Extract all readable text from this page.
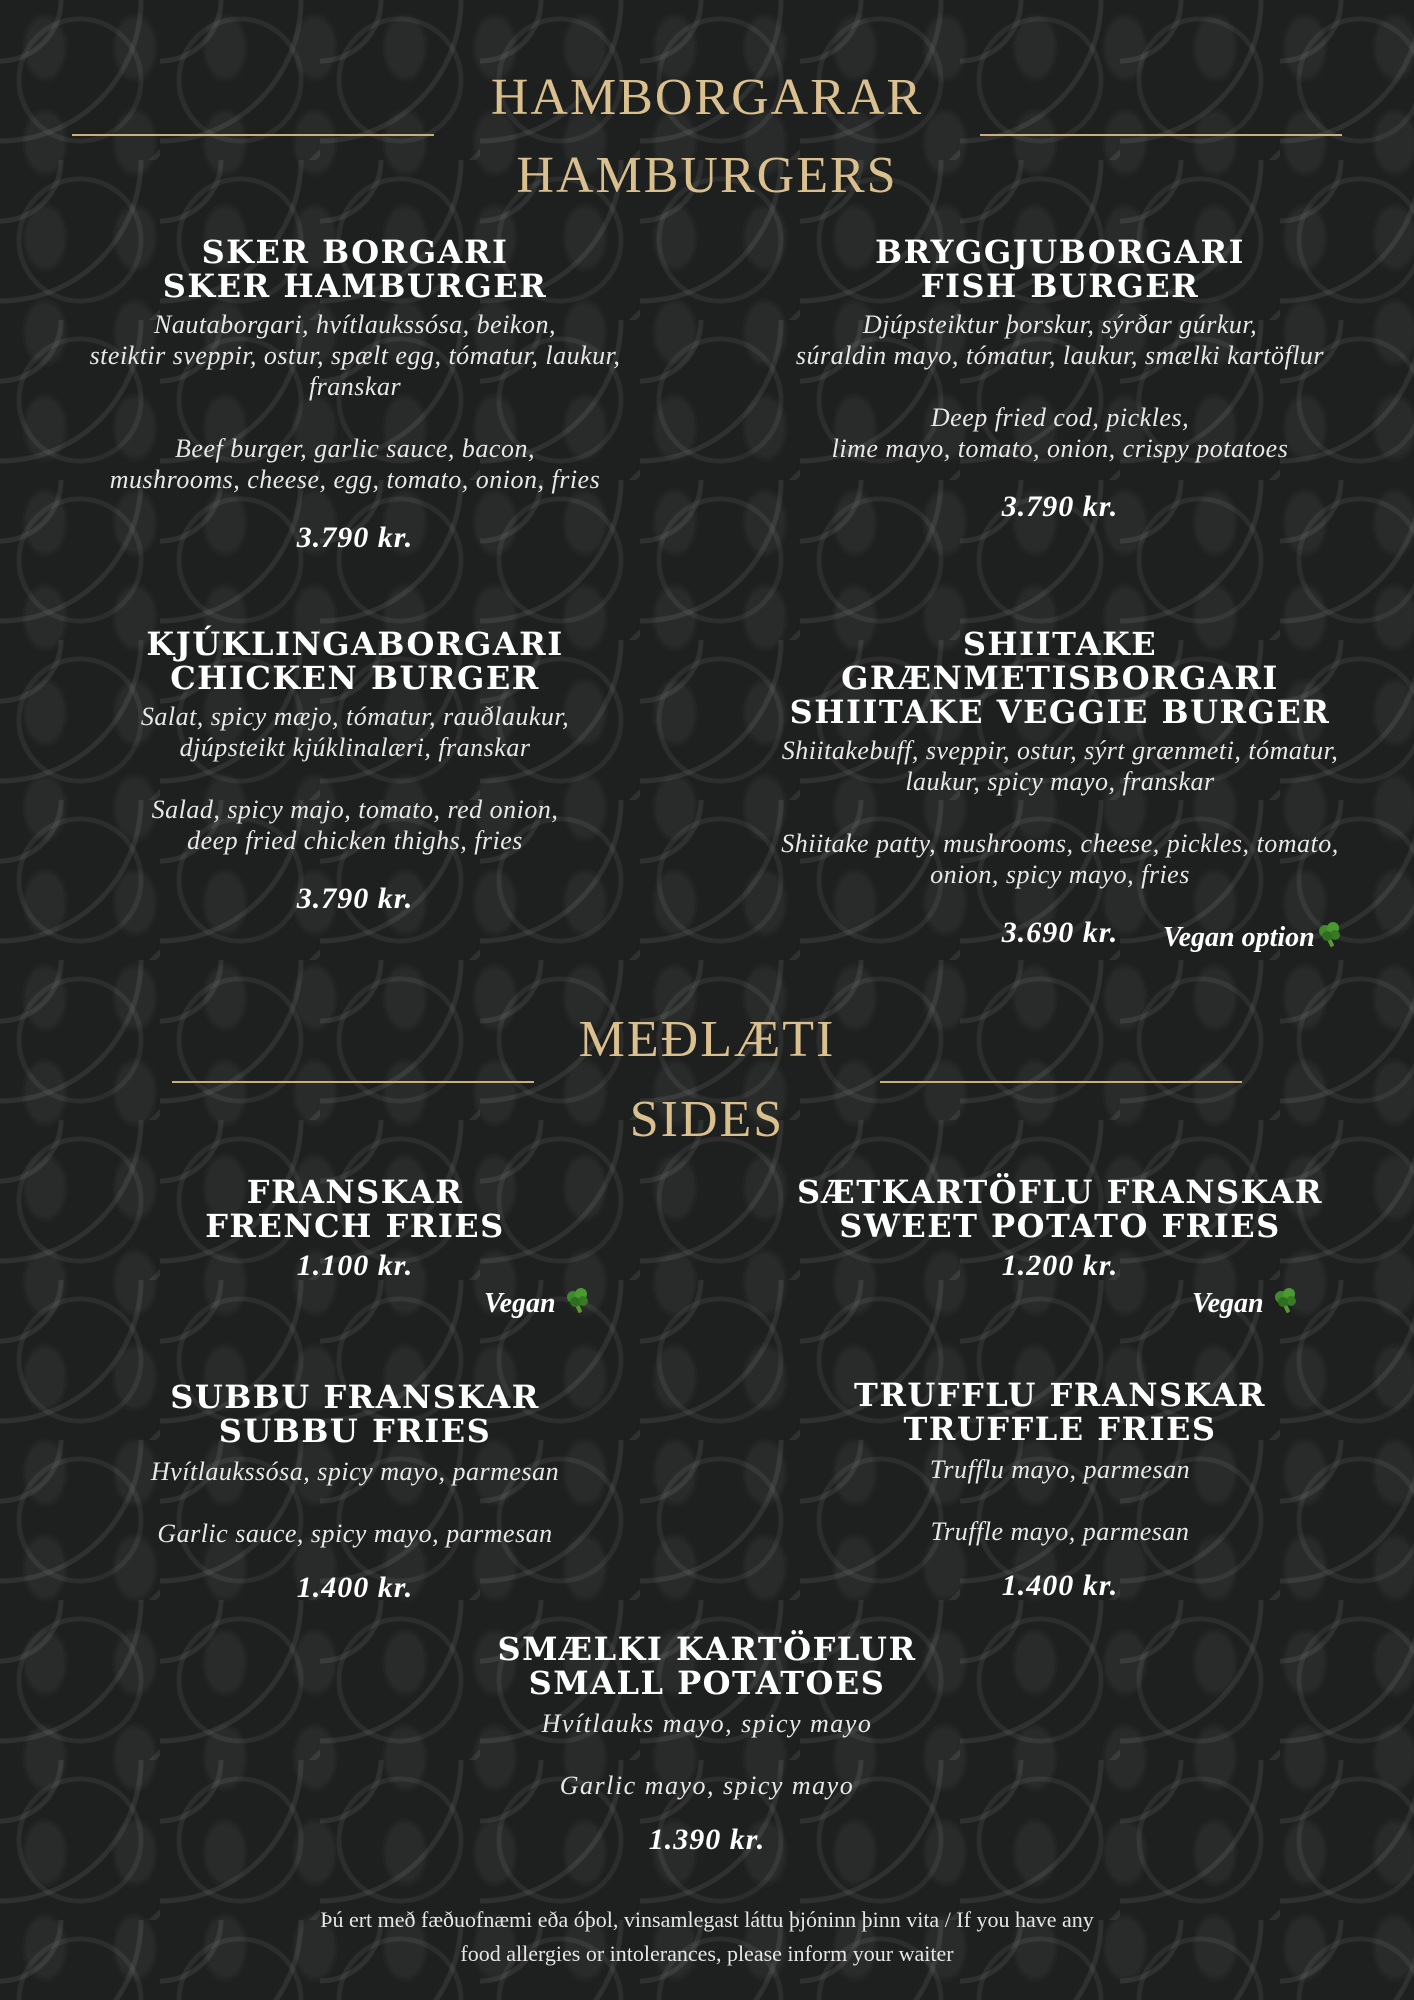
HAMBORGARAR
HAMBURGERS
SKER BORGARI
SKER HAMBURGER
Nautaborgari, hvítlaukssósa, beikon,
steiktir sveppir, ostur, spælt egg, tómatur, laukur,
franskar
Beef burger, garlic sauce, bacon,
mushrooms, cheese, egg, tomato, onion, fries
3.790 kr.
BRYGGJUBORGARI
FISH BURGER
Djúpsteiktur þorskur, sýrðar gúrkur,
súraldin mayo, tómatur, laukur, smælki kartöflur
Deep fried cod, pickles,
lime mayo, tomato, onion, crispy potatoes
3.790 kr.
KJÚKLINGABORGARI
CHICKEN BURGER
Salat, spicy mæjo, tómatur, rauðlaukur,
djúpsteikt kjúklinalæri, franskar
Salad, spicy majo, tomato, red onion,
deep fried chicken thighs, fries
3.790 kr.
SHIITAKE GRÆNMETISBORGARI
SHIITAKE VEGGIE BURGER
Shiitakebuff, sveppir, ostur, sýrt grænmeti, tómatur,
laukur, spicy mayo, franskar
Shiitake patty, mushrooms, cheese, pickles, tomato,
onion, spicy mayo, fries
3.690 kr.	Vegan option
MEÐLÆTI
SIDES
FRANSKAR
FRENCH FRIES
1.100 kr.
Vegan
SÆTKARTÖFLU FRANSKAR
SWEET POTATO FRIES
1.200 kr.
Vegan
SUBBU FRANSKAR
SUBBU FRIES
Hvítlaukssósa, spicy mayo, parmesan
Garlic sauce, spicy mayo, parmesan
1.400 kr.
TRUFFLU FRANSKAR
TRUFFLE FRIES
Trufflu mayo, parmesan
Truffle mayo, parmesan
1.400 kr.
SMÆLKI KARTÖFLUR
SMALL POTATOES
Hvítlauks mayo, spicy mayo
Garlic mayo, spicy mayo
1.390 kr.
Þú ert með fæðuofnæmi eða óþol, vinsamlegast láttu þjóninn þinn vita / If you have any
food allergies or intolerances, please inform your waiter
